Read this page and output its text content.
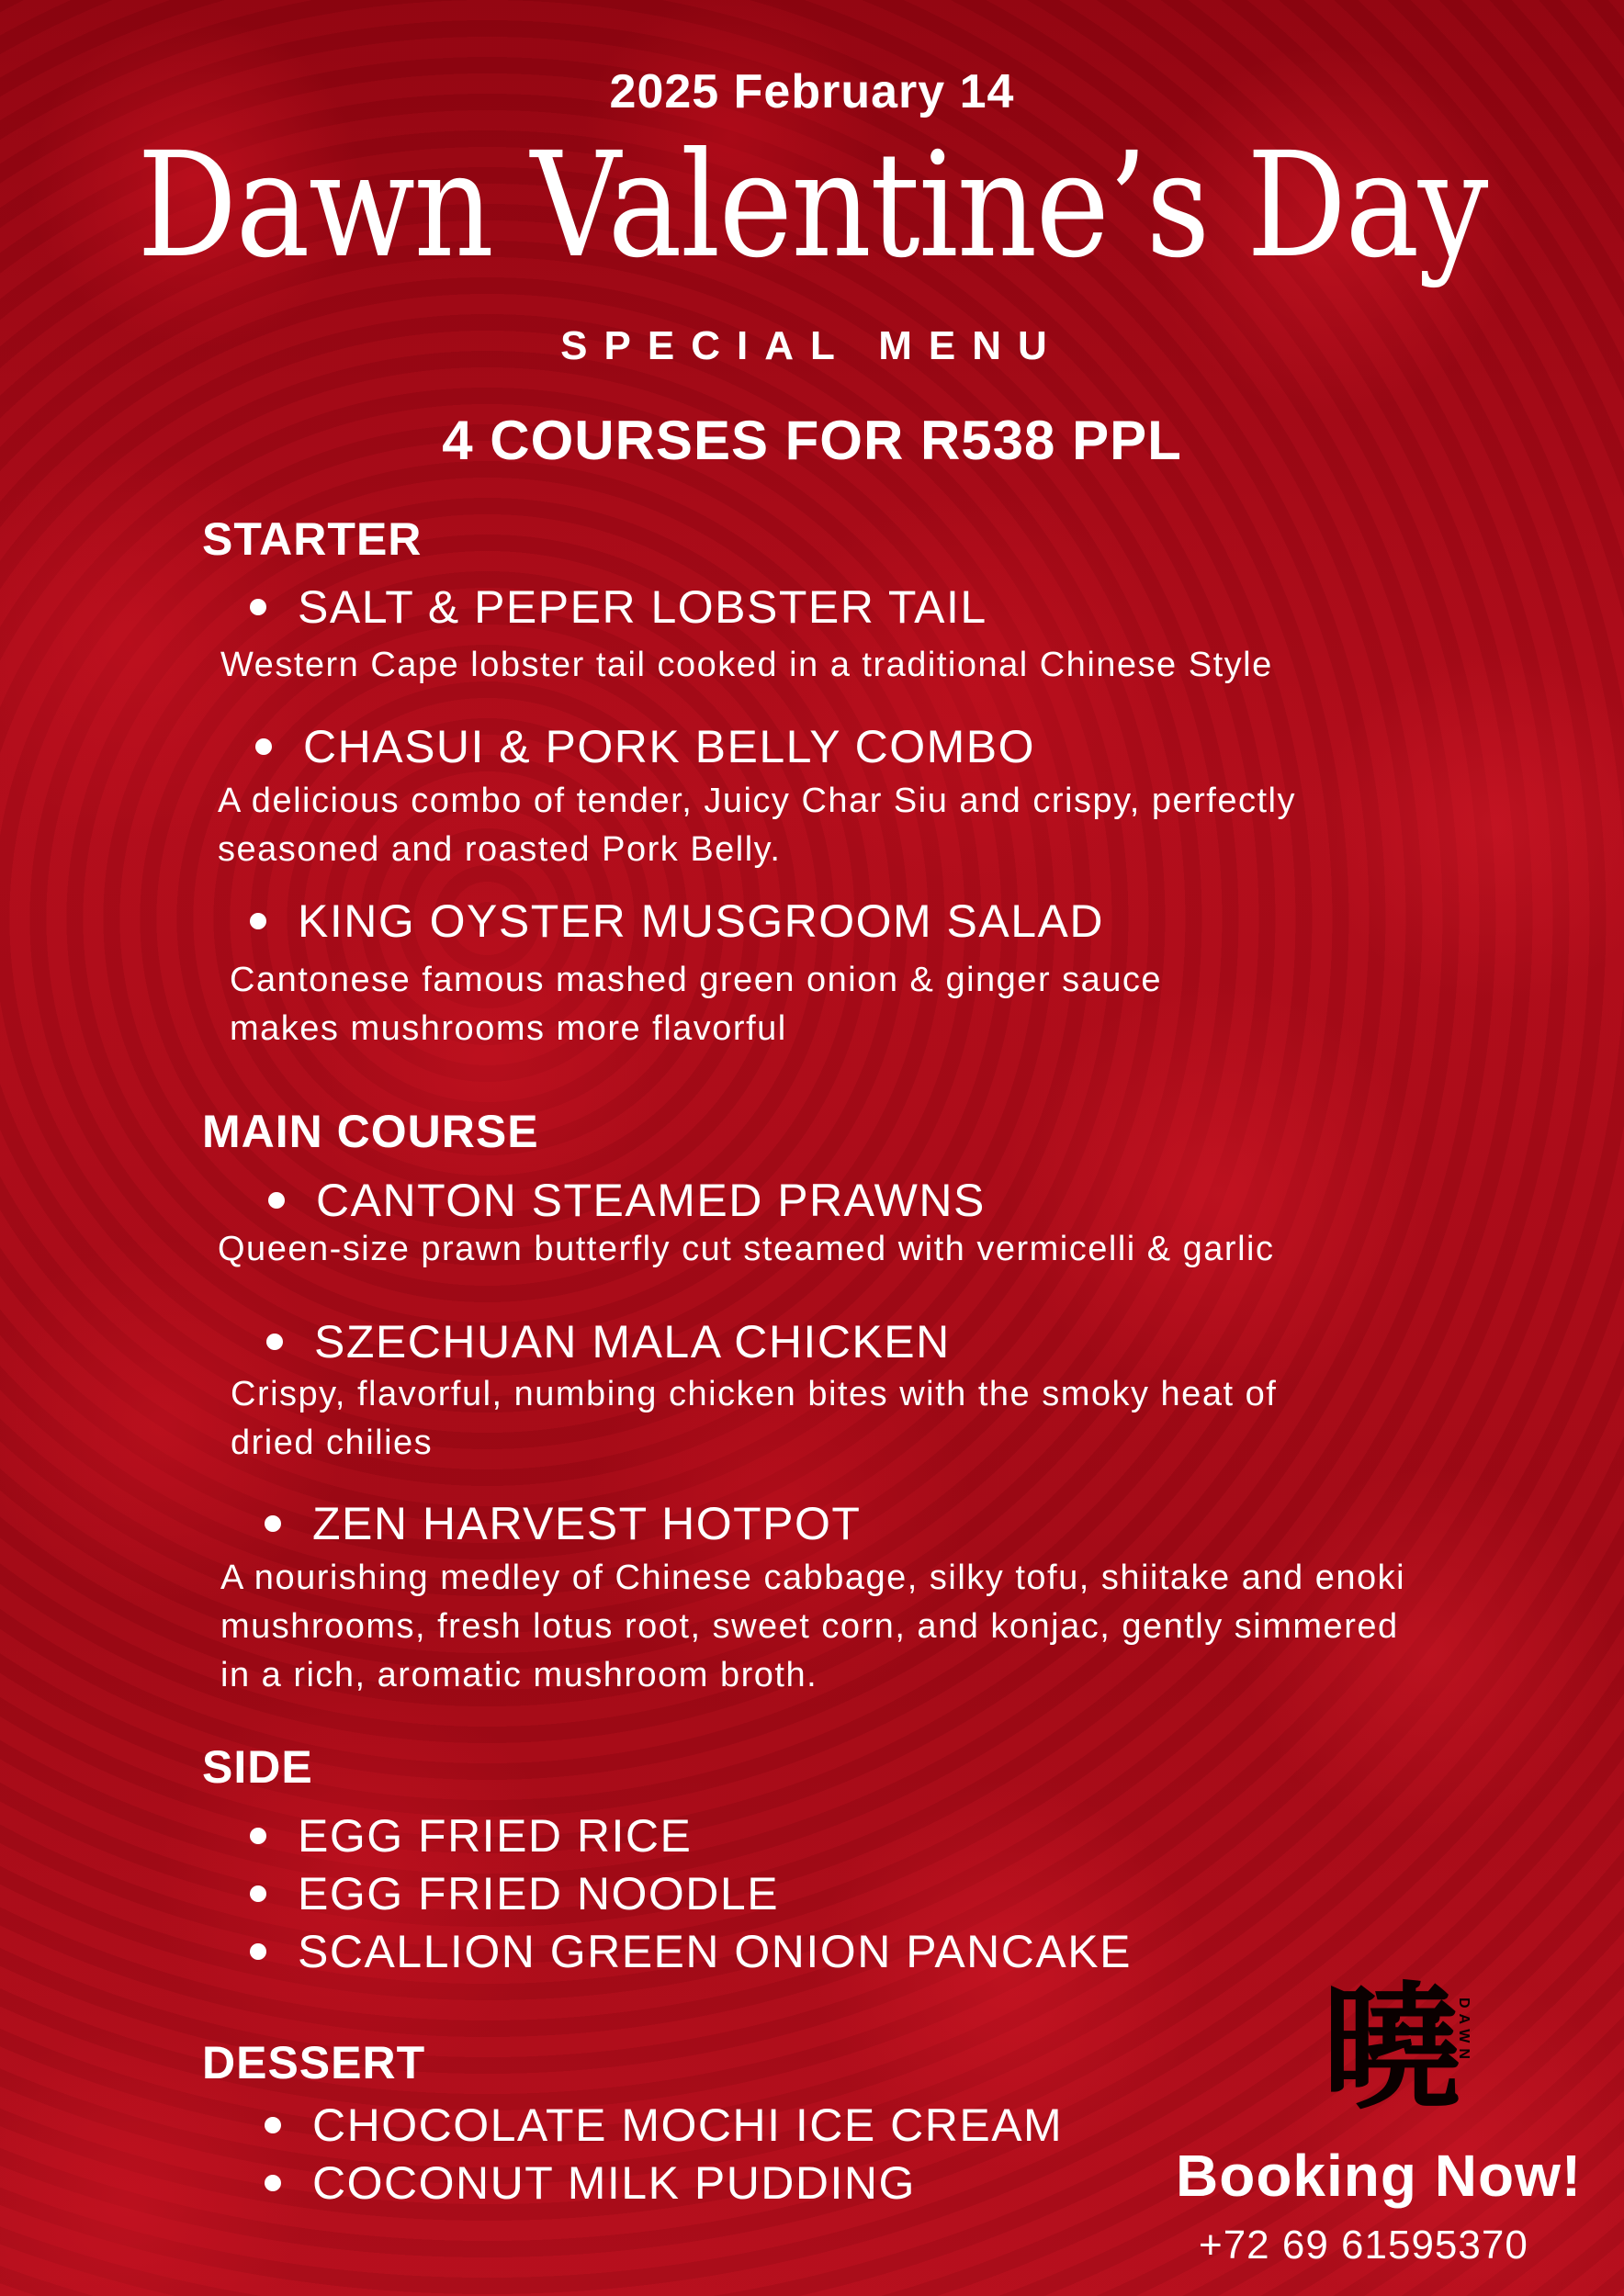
2025 February 14
Dawn Valentine’s Day
SPECIAL MENU
4 COURSES FOR R538 PPL
STARTER
SALT & PEPER LOBSTER TAIL
Western Cape lobster tail cooked in a traditional Chinese Style
CHASUI & PORK BELLY COMBO
A delicious combo of tender, Juicy Char Siu and crispy, perfectly
seasoned and roasted Pork Belly.
KING OYSTER MUSGROOM SALAD
Cantonese famous mashed green onion & ginger sauce
makes mushrooms more flavorful
MAIN COURSE
CANTON STEAMED PRAWNS
Queen-size prawn butterfly cut steamed with vermicelli & garlic
SZECHUAN MALA CHICKEN
Crispy, flavorful, numbing chicken bites with the smoky heat of
dried chilies
ZEN HARVEST HOTPOT
A nourishing medley of Chinese cabbage, silky tofu, shiitake and enoki
mushrooms, fresh lotus root, sweet corn, and konjac, gently simmered
in a rich, aromatic mushroom broth.
SIDE
EGG FRIED RICE
EGG FRIED NOODLE
SCALLION GREEN ONION PANCAKE
DESSERT
CHOCOLATE MOCHI ICE CREAM
COCONUT MILK PUDDING
曉
DAWN
Booking Now!
+72 69 61595370
